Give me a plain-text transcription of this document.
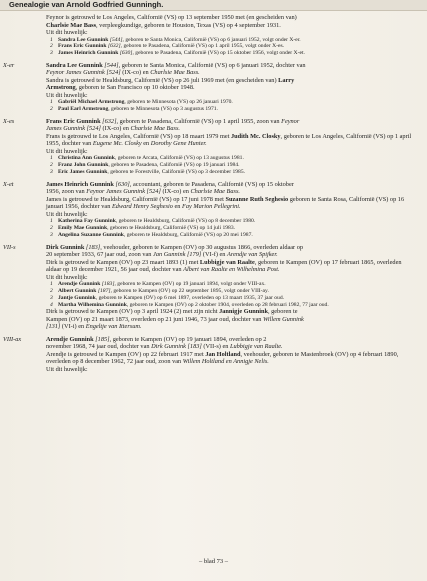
Genealogie van Arnold Godfried Gunningh.

Feynor is getrouwd te Los Angeles, Californië (VS) op 13 september 1950 met (en gescheiden van)

Charlsie Mae Bass, verpleegkundige, geboren te Houston, Texas (VS) op 4 september 1931.

Uit dit huwelijk:

1 Sandra Lee Gunnink [544], geboren te Santa Monica, Californië (VS) op 6 januari 1952, volgt onder X-er.
2 Frans Eric Gunnink [632], geboren te Pasadena, Californië (VS) op 1 april 1955, volgt onder X-es.
3 James Heinrich Gunnink [630], geboren te Pasadena, Californië (VS) op 15 oktober 1956, volgt onder X-et.
X-er	Sandra Lee Gunnink [544], geboren te Santa Monica, Californië (VS) op 6 januari 1952, dochter van

Feynor James Gunnink [524] (IX-co) en Charlsie Mae Bass.

Sandra is getrouwd te Healdsburg, Californië (VS) op 26 juli 1969 met (en gescheiden van) Larry

Armstrong, geboren te San Francisco op 10 oktober 1948.

Uit dit huwelijk:

1 Gabriël Michael Armstrong, geboren te Minnesota (VS) op 26 januari 1970.
2 Paul Earl Armstrong, geboren te Minnesota (VS) op 3 augustus 1971.
X-es	Frans Eric Gunnink [632], geboren te Pasadena, Californië (VS) op 1 april 1955, zoon van Feynor

James Gunnink [524] (IX-co) en Charlsie Mae Bass.

Frans is getrouwd te Los Angeles, Californië (VS) op 18 maart 1979 met Judith Mc. Closky, geboren te Los Angeles, Californië (VS) op 1 april 1955, dochter van Eugene Mc. Closky en Dorothy Gene Hunter.

Uit dit huwelijk:

1 Christina Ann Gunnink, geboren te Arcata, Californië (VS) op 13 augustus 1981.
2 Franz John Gunnink, geboren te Pasadena, Californië (VS) op 19 januari 1984.
3 Eric James Gunnink, geboren te Forestville, Californië (VS) op 3 december 1985.
X-et	James Heinrich Gunnink [630], accountant, geboren te Pasadena, Californië (VS) op 15 oktober

1956, zoon van Feynor James Gunnink [524] (IX-co) en Charlsie Mae Bass.

James is getrouwd te Healdsburg, Californië (VS) op 17 juni 1978 met Suzanne Ruth Seghesio geboren te Santa Rosa, Californië (VS) op 16 januari 1956, dochter van Edward Henry Seghesio en Fay Marion Pellegrini.

Uit dit huwelijk:

1 Katherina Fay Gunnink, geboren te Healdsburg, Californië (VS) op 8 december 1980.
2 Emily Mae Gunnink, geboren te Healdsburg, Californië (VS) op 14 juli 1983.
3 Angelina Suzanne Gunnink, geboren te Healdsburg, Californië (VS) op 20 mei 1987.
VII-s	Dirk Gunnink [183], veehouder, geboren te Kampen (OV) op 30 augustus 1866, overleden aldaar op

20 september 1933, 67 jaar oud, zoon van Jan Gunnink [179] (VI-f) en Arendje van Spijker.

Dirk is getrouwd te Kampen (OV) op 23 maart 1893 (1) met Lubbigje van Raalte, geboren te Kampen (OV) op 17 februari 1865, overleden aldaar op 19 december 1921, 56 jaar oud, dochter van Albert van Raalte en Wilhelmina Post.

Uit dit huwelijk:

1 Arendje Gunnink [183], geboren te Kampen (OV) op 19 januari 1894, volgt onder VIII-ax.
2 Albert Gunnink [187], geboren te Kampen (OV) op 22 september 1895, volgt onder VIII-ay.
3 Jantje Gunnink, geboren te Kampen (OV) op 6 mei 1897, overleden op 13 maart 1935, 37 jaar oud.
4 Martha Wilhemina Gunnink, geboren te Kampen (OV) op 2 oktober 1904, overleden op 28 februari 1982, 77 jaar oud.

Dirk is getrouwd te Kampen (OV) op 3 april 1924 (2) met zijn nicht Jannigje Gunnink, geboren te

Kampen (OV) op 21 maart 1873, overleden op 21 juni 1946, 73 jaar oud, dochter van Willem Gunnink

[131] (VI-i) en Engeltje van Ittersum.

VIII-ax	Arendje Gunnink [185], geboren te Kampen (OV) op 19 januari 1894, overleden op 2

november 1968, 74 jaar oud, dochter van Dirk Gunnink [183] (VII-s) en Lubbigje van Raalte.

Arendje is getrouwd te Kampen (OV) op 22 februari 1917 met Jan Holtland, veehouder, geboren te Mastenbroek (OV) op 4 februari 1890, overleden op 8 december 1962, 72 jaar oud, zoon van Willem Holtland en Annigje Nelis.

Uit dit huwelijk:

– blad 73 –
